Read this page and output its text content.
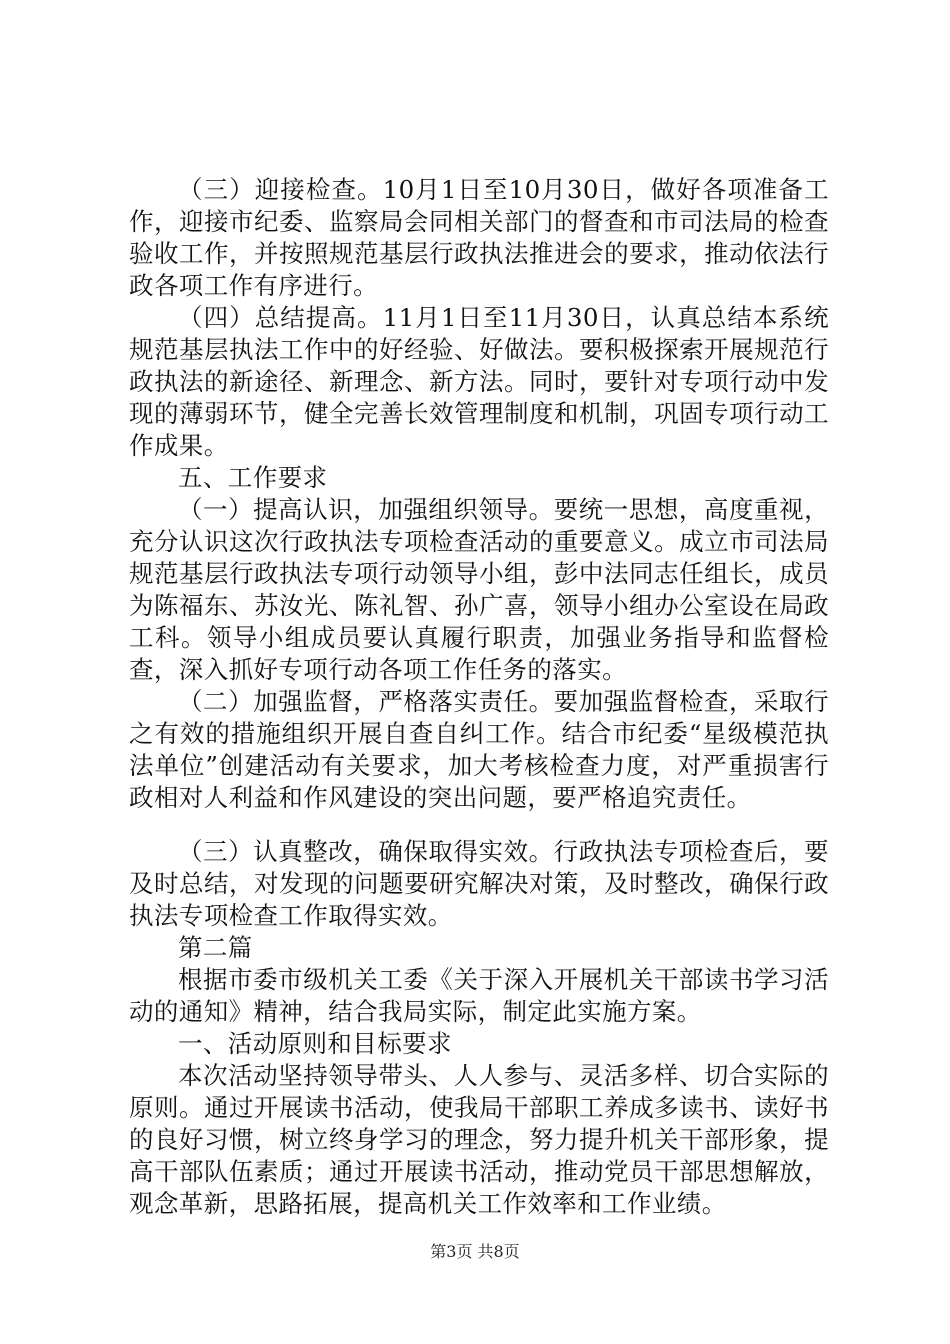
（三）迎接检查。10月1日至10月30日，做好各项准备工作，迎接市纪委、监察局会同相关部门的督查和市司法局的检查验收工作，并按照规范基层行政执法推进会的要求，推动依法行政各项工作有序进行。

（四）总结提高。11月1日至11月30日，认真总结本系统规范基层执法工作中的好经验、好做法。要积极探索开展规范行政执法的新途径、新理念、新方法。同时，要针对专项行动中发现的薄弱环节，健全完善长效管理制度和机制，巩固专项行动工作成果。

五、工作要求

（一）提高认识，加强组织领导。要统一思想，高度重视，充分认识这次行政执法专项检查活动的重要意义。成立市司法局规范基层行政执法专项行动领导小组，彭中法同志任组长，成员为陈福东、苏汝光、陈礼智、孙广喜，领导小组办公室设在局政工科。领导小组成员要认真履行职责，加强业务指导和监督检查，深入抓好专项行动各项工作任务的落实。

（二）加强监督，严格落实责任。要加强监督检查，采取行之有效的措施组织开展自查自纠工作。结合市纪委“星级模范执法单位”创建活动有关要求，加大考核检查力度，对严重损害行政相对人利益和作风建设的突出问题，要严格追究责任。

（三）认真整改，确保取得实效。行政执法专项检查后，要及时总结，对发现的问题要研究解决对策，及时整改，确保行政执法专项检查工作取得实效。

第二篇

根据市委市级机关工委《关于深入开展机关干部读书学习活动的通知》精神，结合我局实际，制定此实施方案。

一、活动原则和目标要求

本次活动坚持领导带头、人人参与、灵活多样、切合实际的原则。通过开展读书活动，使我局干部职工养成多读书、读好书的良好习惯，树立终身学习的理念，努力提升机关干部形象，提高干部队伍素质；通过开展读书活动，推动党员干部思想解放，观念革新，思路拓展，提高机关工作效率和工作业绩。

第3页 共8页
